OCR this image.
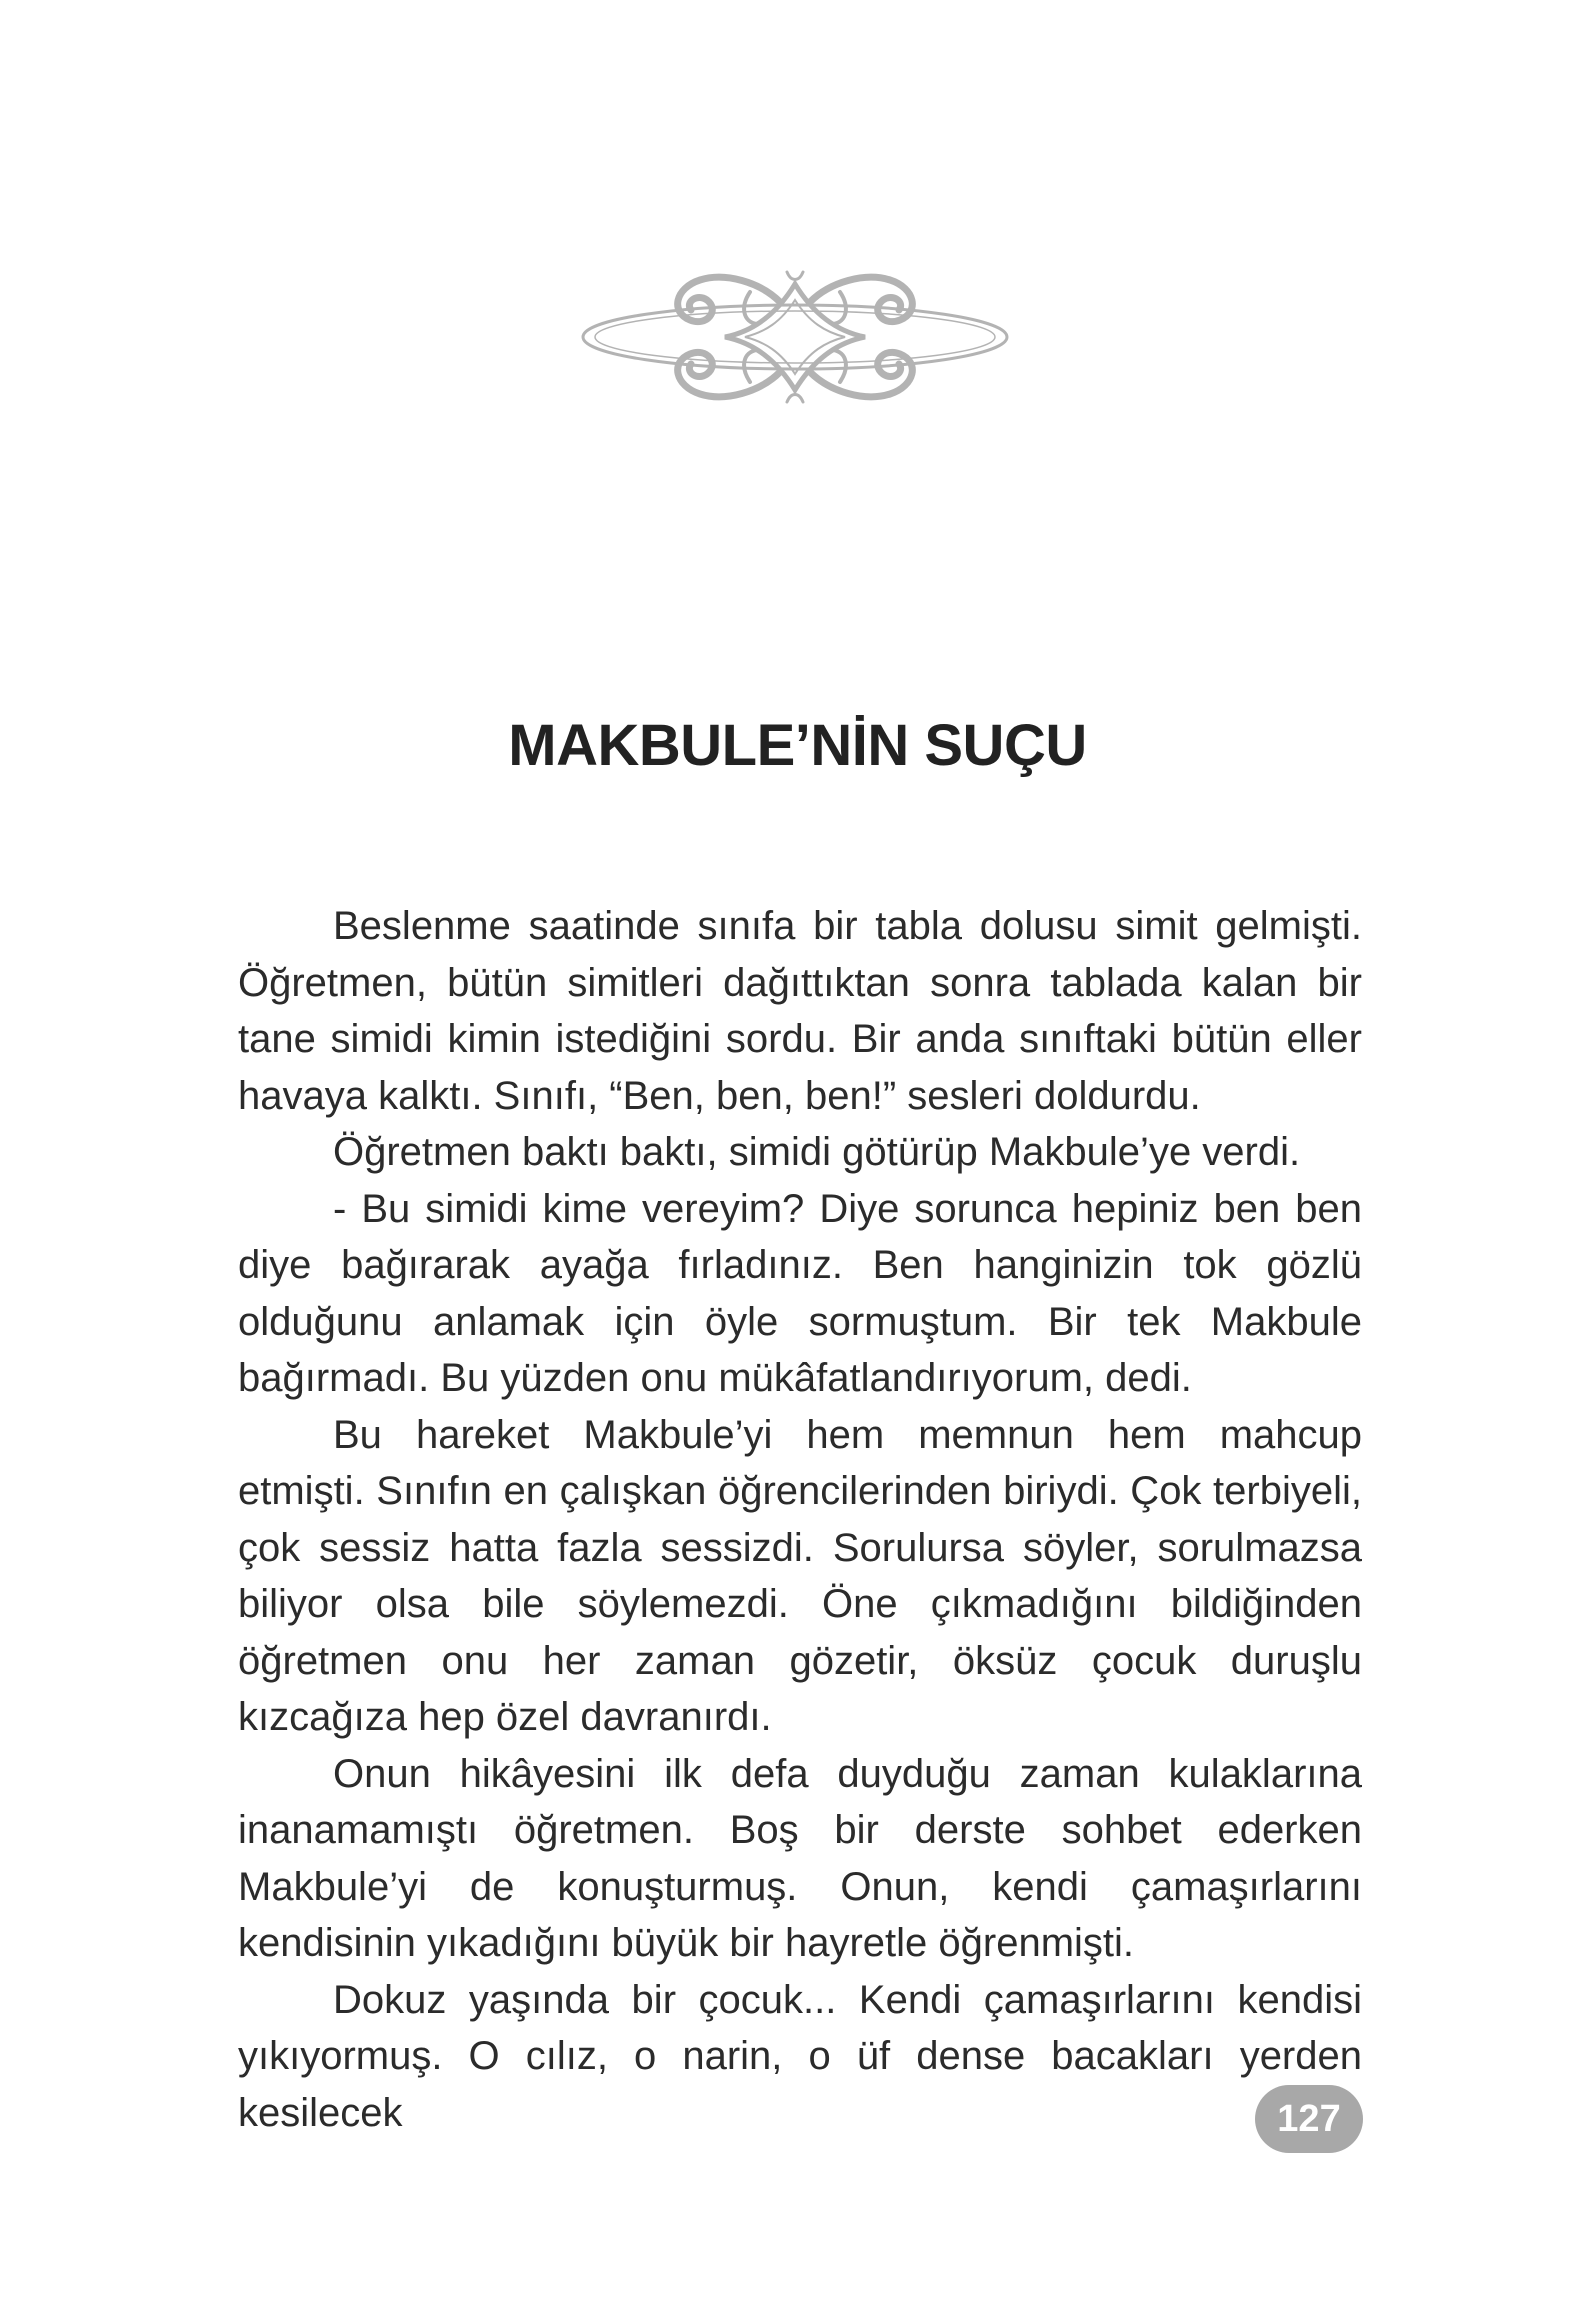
MAKBULE’NİN SUÇU

Beslenme saatinde sınıfa bir tabla dolusu simit gelmişti. Öğretmen, bütün simitleri dağıttıktan sonra tablada kalan bir tane simidi kimin istediğini sordu. Bir anda sınıftaki bütün eller havaya kalktı. Sınıfı, “Ben, ben, ben!” sesleri doldurdu.

Öğretmen baktı baktı, simidi götürüp Makbule’ye verdi.

- Bu simidi kime vereyim? Diye sorunca hepiniz ben ben diye bağırarak ayağa fırladınız. Ben hanginizin tok gözlü olduğunu anlamak için öyle sormuştum. Bir tek Makbule bağırmadı. Bu yüzden onu mükâfatlandırıyorum, dedi.

Bu hareket Makbule’yi hem memnun hem mahcup etmişti. Sınıfın en çalışkan öğrencilerinden biriydi. Çok terbiyeli, çok sessiz hatta fazla sessizdi. Sorulursa söyler, sorulmazsa biliyor olsa bile söylemezdi. Öne çıkmadığını bildiğinden öğretmen onu her zaman gözetir, öksüz çocuk duruşlu kızcağıza hep özel davranırdı.

Onun hikâyesini ilk defa duyduğu zaman kulaklarına inanamamıştı öğretmen. Boş bir derste sohbet ederken Makbule’yi de konuşturmuş. Onun, kendi çamaşırlarını kendisinin yıkadığını büyük bir hayretle öğrenmişti.

Dokuz yaşında bir çocuk... Kendi çamaşırlarını kendisi yıkıyormuş. O cılız, o narin, o üf dense bacakları yerden kesilecek	127
